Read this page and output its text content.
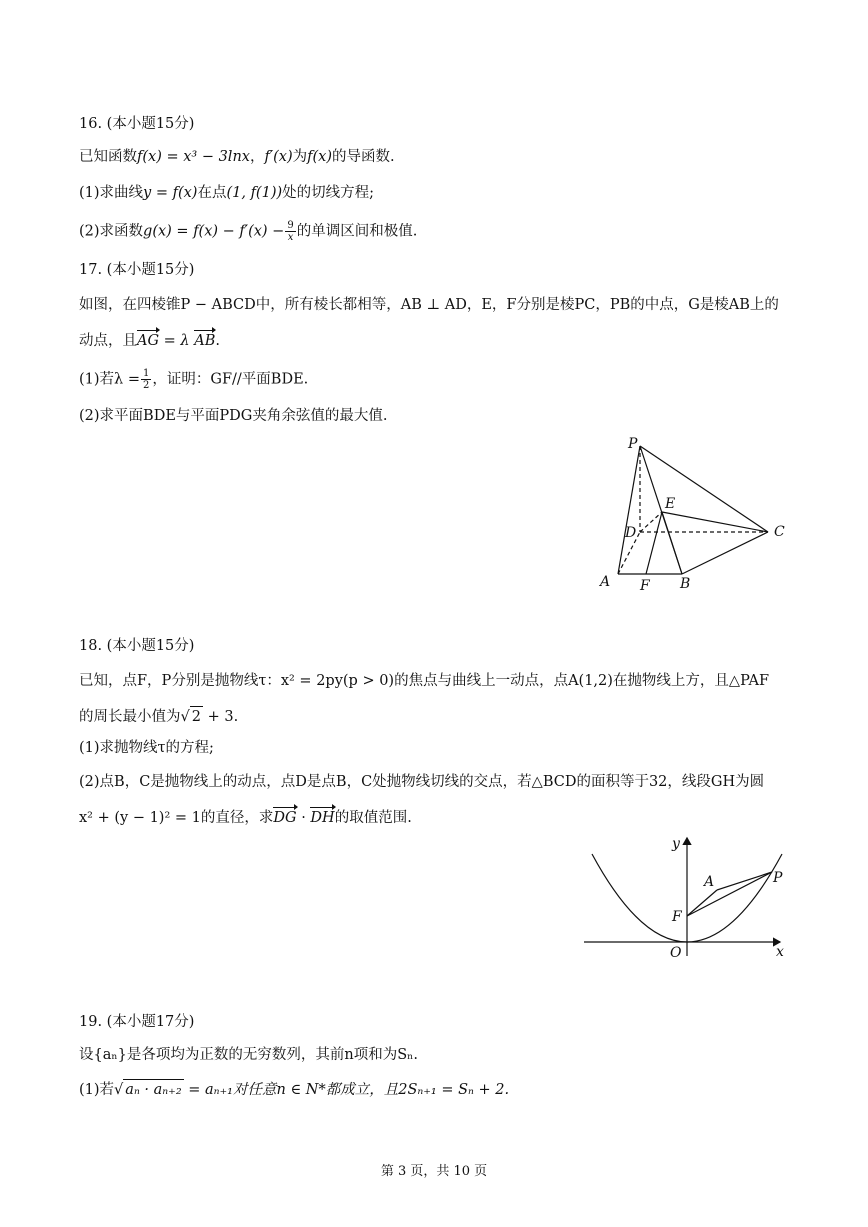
16. (本小题15分)
已知函数f(x) = x³ − 3lnx，f′(x)为f(x)的导函数.
(1)求曲线y = f(x)在点(1, f(1))处的切线方程;
(2)求函数$g(x) = f(x) - f'(x) - \frac{9}{x}$ 的单调区间和极值.
17. (本小题15分)
如图，在四棱锥P − ABCD中，所有棱长都相等，AB ⊥ AD，E，F分别是棱PC，PB的中点，G是棱AB上的
动点，且AG = λ AB.
(1)若$\lambda = \frac{1}{2}$ ，证明：GF//平面BDE.
(2)求平面BDE与平面PDG夹角余弦值的最大值.
P
E
D	C
A F B
18. (本小题15分)
已知，点F，P分别是抛物线τ：x² = 2py(p > 0)的焦点与曲线上一动点，点A(1,2)在抛物线上方，且△PAF
的周长最小值为√ 2 + 3.
(1)求抛物线τ的方程;
(2)点B，C是抛物线上的动点，点D是点B，C处抛物线切线的交点，若△BCD的面积等于32，线段GH为圆
x² + (y − 1)² = 1的直径，求DG · DH的取值范围.
y
x
O
F
A	P
19. (本小题17分)
设{aₙ}是各项均为正数的无穷数列，其前n项和为Sₙ.
(1)若√ aₙ · aₙ₊₂ = aₙ₊₁对任意n ∈ N*都成立，且2Sₙ₊₁ = Sₙ + 2.
第 3 页，共 10 页
